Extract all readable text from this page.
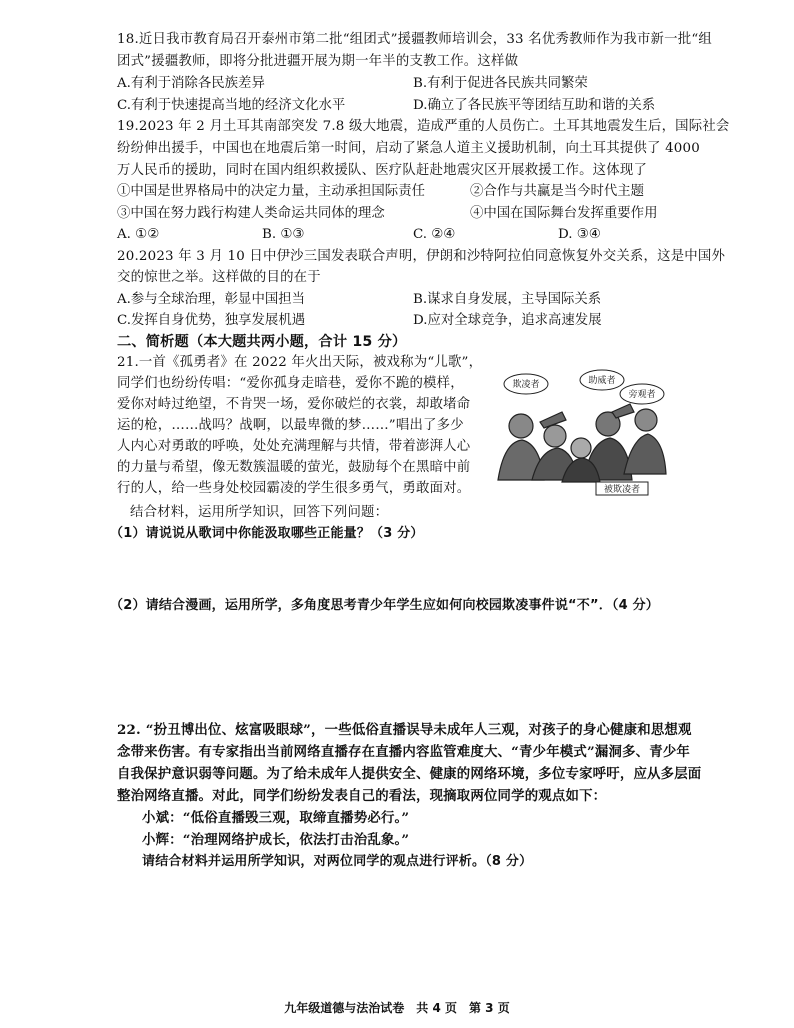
18.近日我市教育局召开泰州市第二批“组团式”援疆教师培训会，33 名优秀教师作为我市新一批“组
团式”援疆教师，即将分批进疆开展为期一年半的支教工作。这样做
A.有利于消除各民族差异	B.有利于促进各民族共同繁荣
C.有利于快速提高当地的经济文化水平	D.确立了各民族平等团结互助和谐的关系
19.2023 年 2 月土耳其南部突发 7.8 级大地震，造成严重的人员伤亡。土耳其地震发生后，国际社会
纷纷伸出援手，中国也在地震后第一时间，启动了紧急人道主义援助机制，向土耳其提供了 4000
万人民币的援助，同时在国内组织救援队、医疗队赶赴地震灾区开展救援工作。这体现了
①中国是世界格局中的决定力量，主动承担国际责任	②合作与共赢是当今时代主题
③中国在努力践行构建人类命运共同体的理念	④中国在国际舞台发挥重要作用
A. ①②	B. ①③	C. ②④	D. ③④
20.2023 年 3 月 10 日中伊沙三国发表联合声明，伊朗和沙特阿拉伯同意恢复外交关系，这是中国外
交的惊世之举。这样做的目的在于
A.参与全球治理，彰显中国担当	B.谋求自身发展，主导国际关系
C.发挥自身优势，独享发展机遇	D.应对全球竞争，追求高速发展
二、简析题（本大题共两小题，合计 15 分）
21.一首《孤勇者》在 2022 年火出天际，被戏称为“儿歌”，
同学们也纷纷传唱：“爱你孤身走暗巷，爱你不跪的模样，
爱你对峙过绝望，不肯哭一场，爱你破烂的衣裳，却敢堵命
运的枪，……战吗？战啊，以最卑微的梦……”唱出了多少
人内心对勇敢的呼唤，处处充满理解与共情，带着澎湃人心
的力量与希望，像无数簇温暖的萤光，鼓励每个在黑暗中前
行的人，给一些身处校园霸凌的学生很多勇气，勇敢面对。
欺凌者	助威者
旁观者
被欺凌者
结合材料，运用所学知识，回答下列问题：
（1）请说说从歌词中你能汲取哪些正能量？（3 分）
（2）请结合漫画，运用所学，多角度思考青少年学生应如何向校园欺凌事件说“不”．（4 分）
22. “扮丑博出位、炫富吸眼球”，一些低俗直播误导未成年人三观，对孩子的身心健康和思想观
念带来伤害。有专家指出当前网络直播存在直播内容监管难度大、“青少年模式”漏洞多、青少年
自我保护意识弱等问题。为了给未成年人提供安全、健康的网络环境，多位专家呼吁，应从多层面
整治网络直播。对此，同学们纷纷发表自己的看法，现摘取两位同学的观点如下：
小斌：“低俗直播毁三观，取缔直播势必行。”
小辉：“治理网络护成长，依法打击治乱象。”
请结合材料并运用所学知识，对两位同学的观点进行评析。（8 分）
九年级道德与法治试卷　共 4 页　第 3 页
